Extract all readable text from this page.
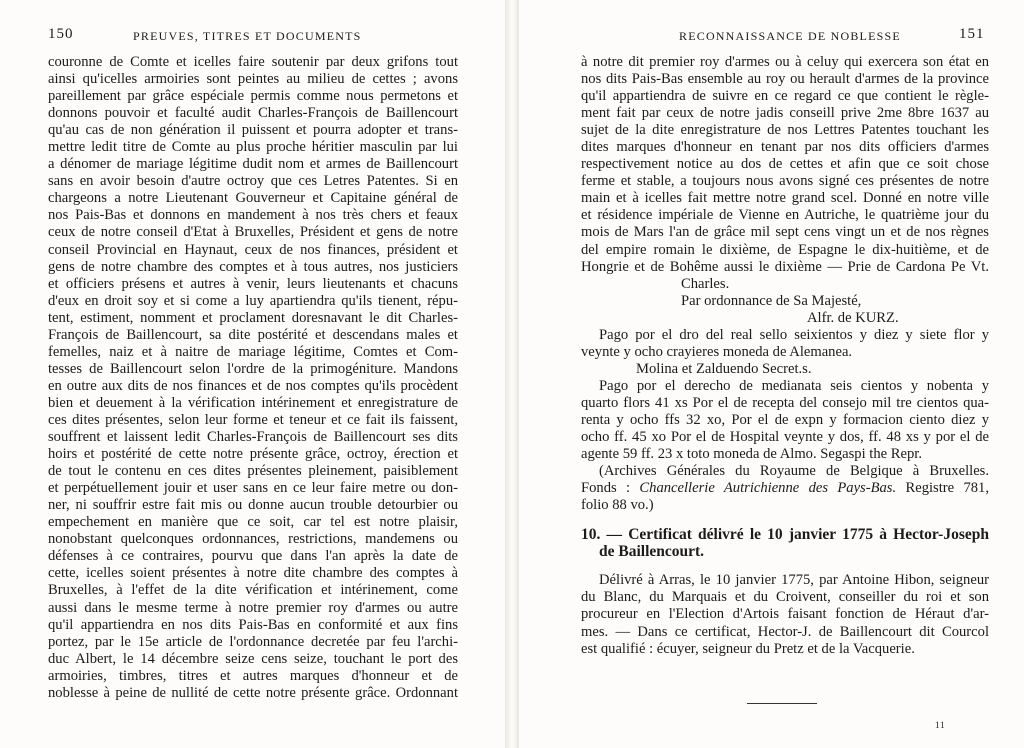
150	PREUVES, TITRES ET DOCUMENTS
couronne de Comte et icelles faire soutenir par deux grifons tout
ainsi qu'icelles armoiries sont peintes au milieu de cettes ; avons
pareillement par grâce espéciale permis comme nous permetons et
donnons pouvoir et faculté audit Charles-François de Baillencourt
qu'au cas de non génération il puissent et pourra adopter et trans-
mettre ledit titre de Comte au plus proche héritier masculin par lui
a dénomer de mariage légitime dudit nom et armes de Baillencourt
sans en avoir besoin d'autre octroy que ces Letres Patentes. Si en
chargeons a notre Lieutenant Gouverneur et Capitaine général de
nos Pais-Bas et donnons en mandement à nos très chers et feaux
ceux de notre conseil d'Etat à Bruxelles, Président et gens de notre
conseil Provincial en Haynaut, ceux de nos finances, président et
gens de notre chambre des comptes et à tous autres, nos justiciers
et officiers présens et autres à venir, leurs lieutenants et chacuns
d'eux en droit soy et si come a luy apartiendra qu'ils tienent, répu-
tent, estiment, nomment et proclament doresnavant le dit Charles-
François de Baillencourt, sa dite postérité et descendans males et
femelles, naiz et à naitre de mariage légitime, Comtes et Com-
tesses de Baillencourt selon l'ordre de la primogéniture. Mandons
en outre aux dits de nos finances et de nos comptes qu'ils procèdent
bien et deuement à la vérification intérinement et enregistrature de
ces dites présentes, selon leur forme et teneur et ce fait ils faissent,
souffrent et laissent ledit Charles-François de Baillencourt ses dits
hoirs et postérité de cette notre présente grâce, octroy, érection et
de tout le contenu en ces dites présentes pleinement, paisiblement
et perpétuellement jouir et user sans en ce leur faire metre ou don-
ner, ni souffrir estre fait mis ou donne aucun trouble detourbier ou
empechement en manière que ce soit, car tel est notre plaisir,
nonobstant quelconques ordonnances, restrictions, mandemens ou
défenses à ce contraires, pourvu que dans l'an après la date de
cette, icelles soient présentes à notre dite chambre des comptes à
Bruxelles, à l'effet de la dite vérification et intérinement, come
aussi dans le mesme terme à notre premier roy d'armes ou autre
qu'il appartiendra en nos dits Pais-Bas en conformité et aux fins
portez, par le 15e article de l'ordonnance decretée par feu l'archi-
duc Albert, le 14 décembre seize cens seize, touchant le port des
armoiries, timbres, titres et autres marques d'honneur et de
noblesse à peine de nullité de cette notre présente grâce. Ordonnant
RECONNAISSANCE DE NOBLESSE	151
à notre dit premier roy d'armes ou à celuy qui exercera son état en
nos dits Pais-Bas ensemble au roy ou herault d'armes de la province
qu'il appartiendra de suivre en ce regard ce que contient le règle-
ment fait par ceux de notre jadis conseill prive 2me 8bre 1637 au
sujet de la dite enregistrature de nos Lettres Patentes touchant les
dites marques d'honneur en tenant par nos dits officiers d'armes
respectivement notice au dos de cettes et afin que ce soit chose
ferme et stable, a toujours nous avons signé ces présentes de notre
main et à icelles fait mettre notre grand scel. Donné en notre ville
et résidence impériale de Vienne en Autriche, le quatrième jour du
mois de Mars l'an de grâce mil sept cens vingt un et de nos règnes
del empire romain le dixième, de Espagne le dix-huitième, et de
Hongrie et de Bohême aussi le dixième — Prie de Cardona Pe Vt.
Charles.
Par ordonnance de Sa Majesté,
Alfr. de KURZ.
Pago por el dro del real sello seixientos y diez y siete flor y
veynte y ocho crayieres moneda de Alemanea.
Molina et Zalduendo Secret.s.
Pago por el derecho de medianata seis cientos y nobenta y
quarto flors 41 xs Por el de recepta del consejo mil tre cientos qua-
renta y ocho ffs 32 xo, Por el de expn y formacion ciento diez y
ocho ff. 45 xo Por el de Hospital veynte y dos, ff. 48 xs y por el de
agente 59 ff. 23 x toto moneda de Almo. Segaspi the Repr.
(Archives Générales du Royaume de Belgique à Bruxelles.
Fonds : Chancellerie Autrichienne des Pays-Bas. Registre 781,
folio 88 vo.)
10. — Certificat délivré le 10 janvier 1775 à Hector-Joseph
de Baillencourt.
Délivré à Arras, le 10 janvier 1775, par Antoine Hibon, seigneur
du Blanc, du Marquais et du Croivent, conseiller du roi et son
procureur en l'Election d'Artois faisant fonction de Héraut d'ar-
mes. — Dans ce certificat, Hector-J. de Baillencourt dit Courcol
est qualifié : écuyer, seigneur du Pretz et de la Vacquerie.
11
